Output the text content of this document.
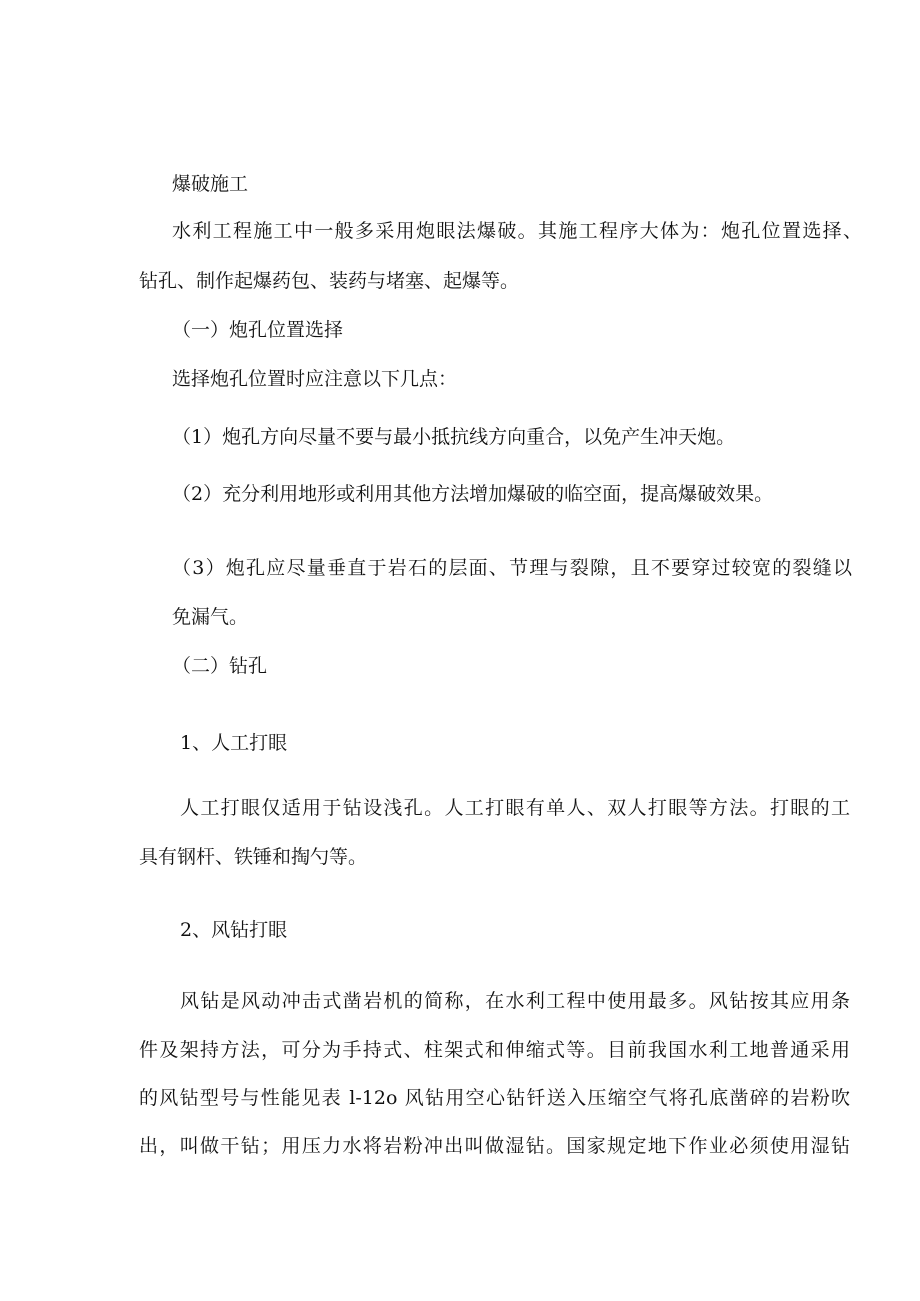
爆破施工

水利工程施工中一般多采用炮眼法爆破。其施工程序大体为：炮孔位置选择、

钻孔、制作起爆药包、装药与堵塞、起爆等。

（一）炮孔位置选择

选择炮孔位置时应注意以下几点：

（1）炮孔方向尽量不要与最小抵抗线方向重合，以免产生冲天炮。

（2）充分利用地形或利用其他方法增加爆破的临空面，提高爆破效果。

（3）炮孔应尽量垂直于岩石的层面、节理与裂隙，且不要穿过较宽的裂缝以

免漏气。

（二）钻孔

1、人工打眼

人工打眼仅适用于钻设浅孔。人工打眼有单人、双人打眼等方法。打眼的工

具有钢杆、铁锤和掏勺等。

2、风钻打眼

风钻是风动冲击式凿岩机的简称，在水利工程中使用最多。风钻按其应用条

件及架持方法，可分为手持式、柱架式和伸缩式等。目前我国水利工地普通采用

的风钻型号与性能见表 l-12o 风钻用空心钻钎送入压缩空气将孔底凿碎的岩粉吹

出，叫做干钻；用压力水将岩粉冲出叫做湿钻。国家规定地下作业必须使用湿钻
